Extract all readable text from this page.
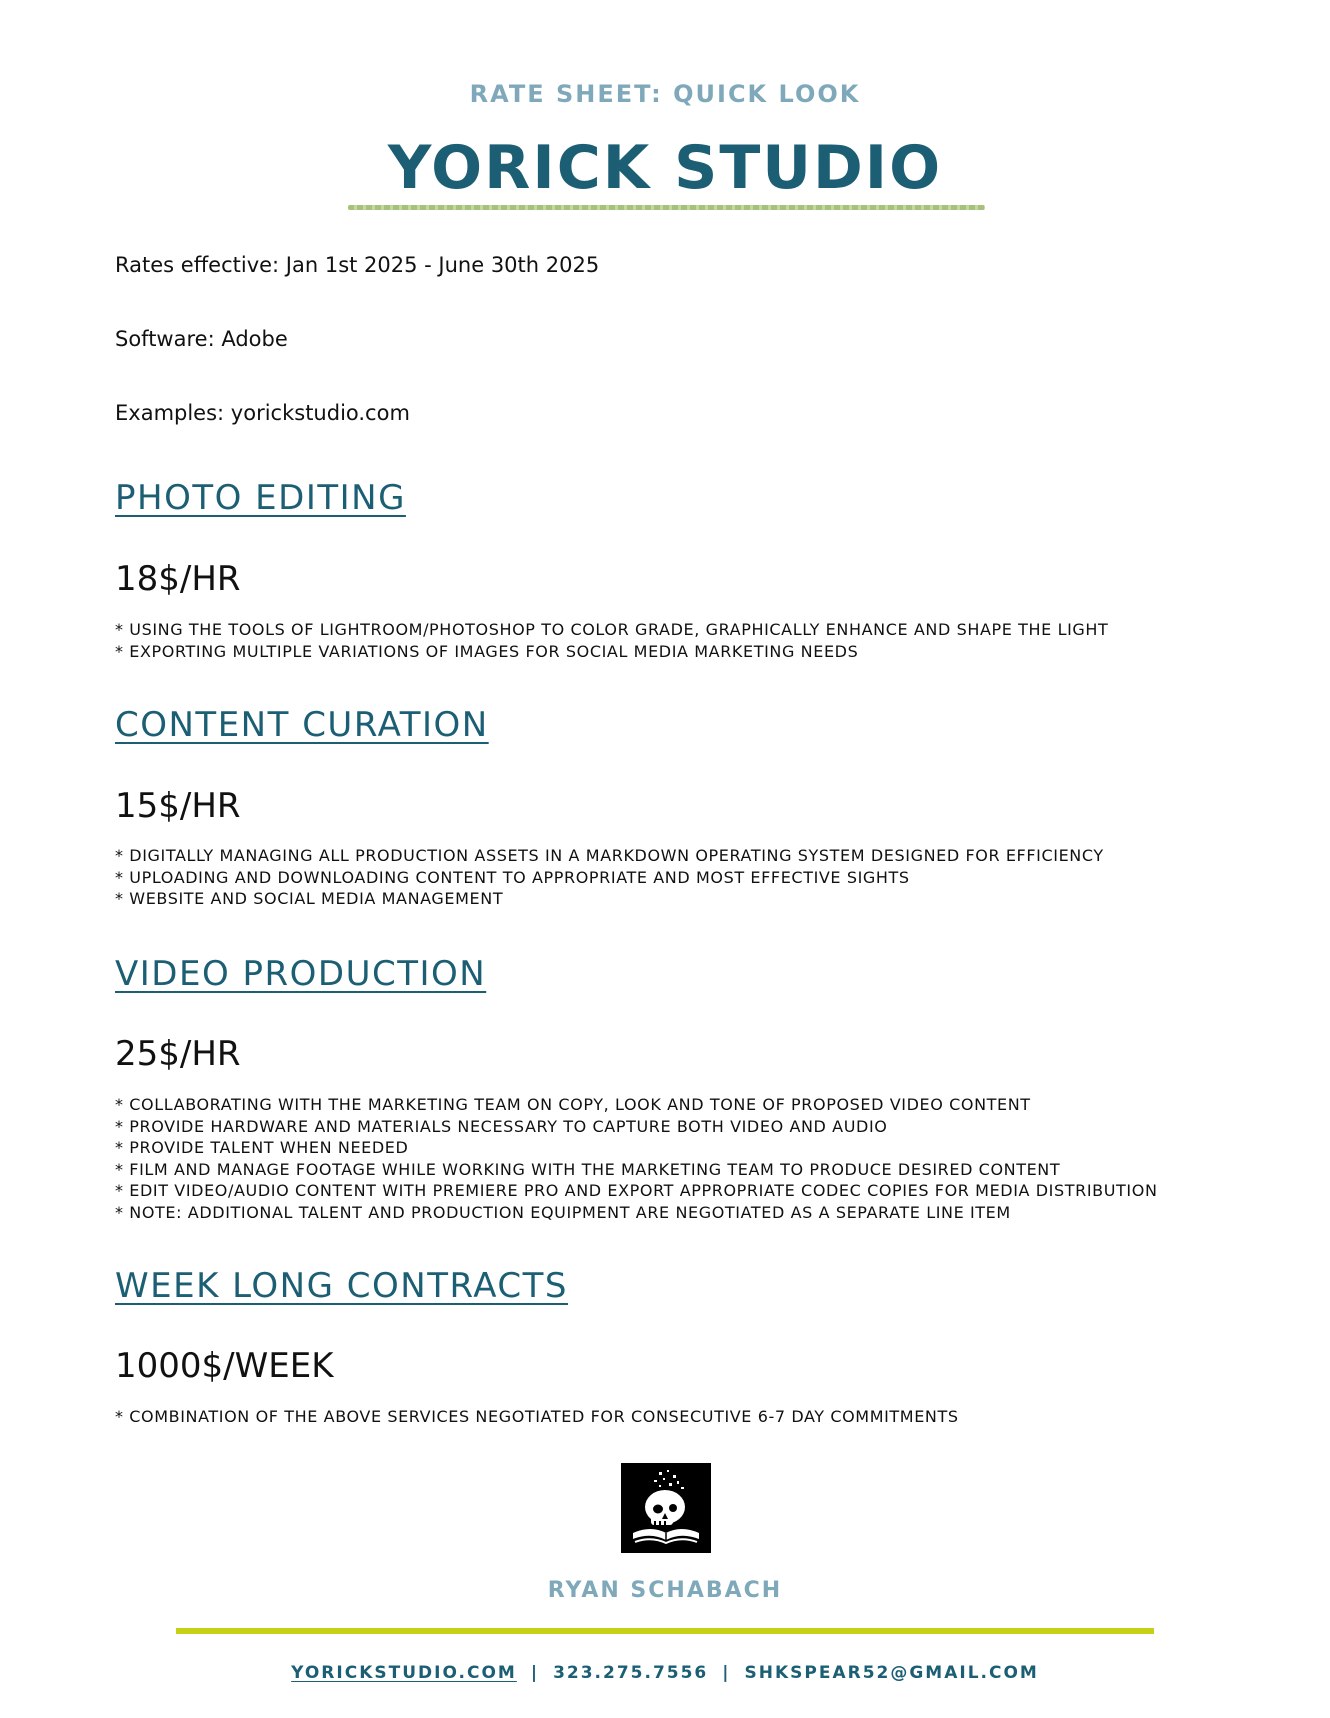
RATE SHEET: QUICK LOOK
YORICK STUDIO
Rates effective: Jan 1st 2025 - June 30th 2025
Software: Adobe
Examples: yorickstudio.com
PHOTO EDITING
18$/HR
* USING THE TOOLS OF LIGHTROOM/PHOTOSHOP TO COLOR GRADE, GRAPHICALLY ENHANCE AND SHAPE THE LIGHT
* EXPORTING MULTIPLE VARIATIONS OF IMAGES FOR SOCIAL MEDIA MARKETING NEEDS
CONTENT CURATION
15$/HR
* DIGITALLY MANAGING ALL PRODUCTION ASSETS IN A MARKDOWN OPERATING SYSTEM DESIGNED FOR EFFICIENCY
* UPLOADING AND DOWNLOADING CONTENT TO APPROPRIATE AND MOST EFFECTIVE SIGHTS
* WEBSITE AND SOCIAL MEDIA MANAGEMENT
VIDEO PRODUCTION
25$/HR
* COLLABORATING WITH THE MARKETING TEAM ON COPY, LOOK AND TONE OF PROPOSED VIDEO CONTENT
* PROVIDE HARDWARE AND MATERIALS NECESSARY TO CAPTURE BOTH VIDEO AND AUDIO
* PROVIDE TALENT WHEN NEEDED
* FILM AND MANAGE FOOTAGE WHILE WORKING WITH THE MARKETING TEAM TO PRODUCE DESIRED CONTENT
* EDIT VIDEO/AUDIO CONTENT WITH PREMIERE PRO AND EXPORT APPROPRIATE CODEC COPIES FOR MEDIA DISTRIBUTION
* NOTE: ADDITIONAL TALENT AND PRODUCTION EQUIPMENT ARE NEGOTIATED AS A SEPARATE LINE ITEM
WEEK LONG CONTRACTS
1000$/WEEK
* COMBINATION OF THE ABOVE SERVICES NEGOTIATED FOR CONSECUTIVE 6-7 DAY COMMITMENTS
RYAN SCHABACH
YORICKSTUDIO.COM | 323.275.7556 | SHKSPEAR52@GMAIL.COM
